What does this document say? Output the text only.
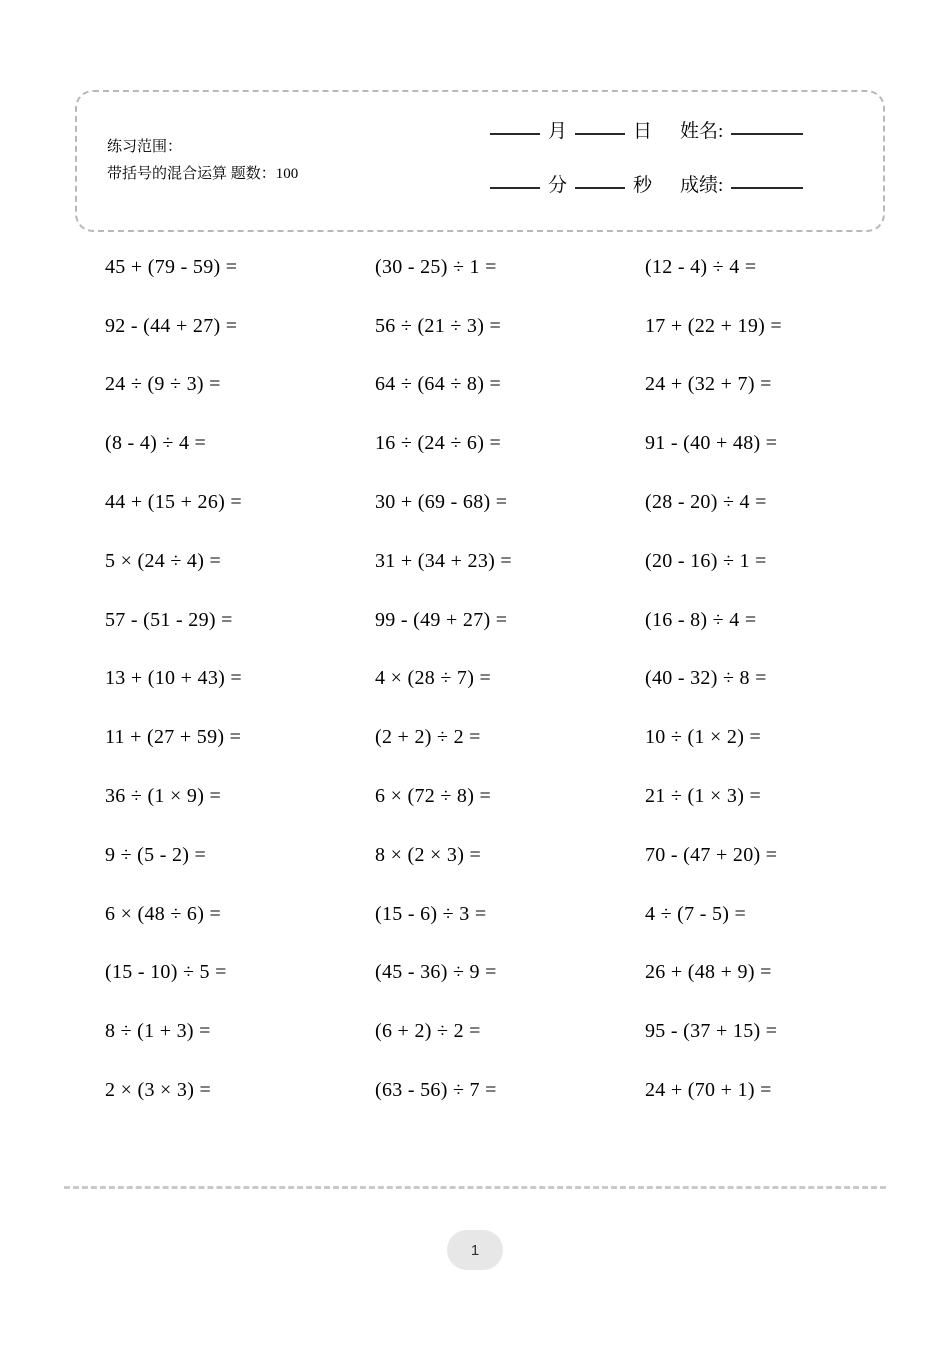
练习范围：
带括号的混合运算 题数：100
月	日 姓名:
分	秒 成绩:
45 + (79 - 59) =	(30 - 25) ÷ 1 =	(12 - 4) ÷ 4 =
92 - (44 + 27) =	56 ÷ (21 ÷ 3) =	17 + (22 + 19) =
24 ÷ (9 ÷ 3) =	64 ÷ (64 ÷ 8) =	24 + (32 + 7) =
(8 - 4) ÷ 4 =	16 ÷ (24 ÷ 6) =	91 - (40 + 48) =
44 + (15 + 26) =	30 + (69 - 68) =	(28 - 20) ÷ 4 =
5 × (24 ÷ 4) =	31 + (34 + 23) =	(20 - 16) ÷ 1 =
57 - (51 - 29) =	99 - (49 + 27) =	(16 - 8) ÷ 4 =
13 + (10 + 43) =	4 × (28 ÷ 7) =	(40 - 32) ÷ 8 =
11 + (27 + 59) =	(2 + 2) ÷ 2 =	10 ÷ (1 × 2) =
36 ÷ (1 × 9) =	6 × (72 ÷ 8) =	21 ÷ (1 × 3) =
9 ÷ (5 - 2) =	8 × (2 × 3) =	70 - (47 + 20) =
6 × (48 ÷ 6) =	(15 - 6) ÷ 3 =	4 ÷ (7 - 5) =
(15 - 10) ÷ 5 =	(45 - 36) ÷ 9 =	26 + (48 + 9) =
8 ÷ (1 + 3) =	(6 + 2) ÷ 2 =	95 - (37 + 15) =
2 × (3 × 3) =	(63 - 56) ÷ 7 =	24 + (70 + 1) =
1
